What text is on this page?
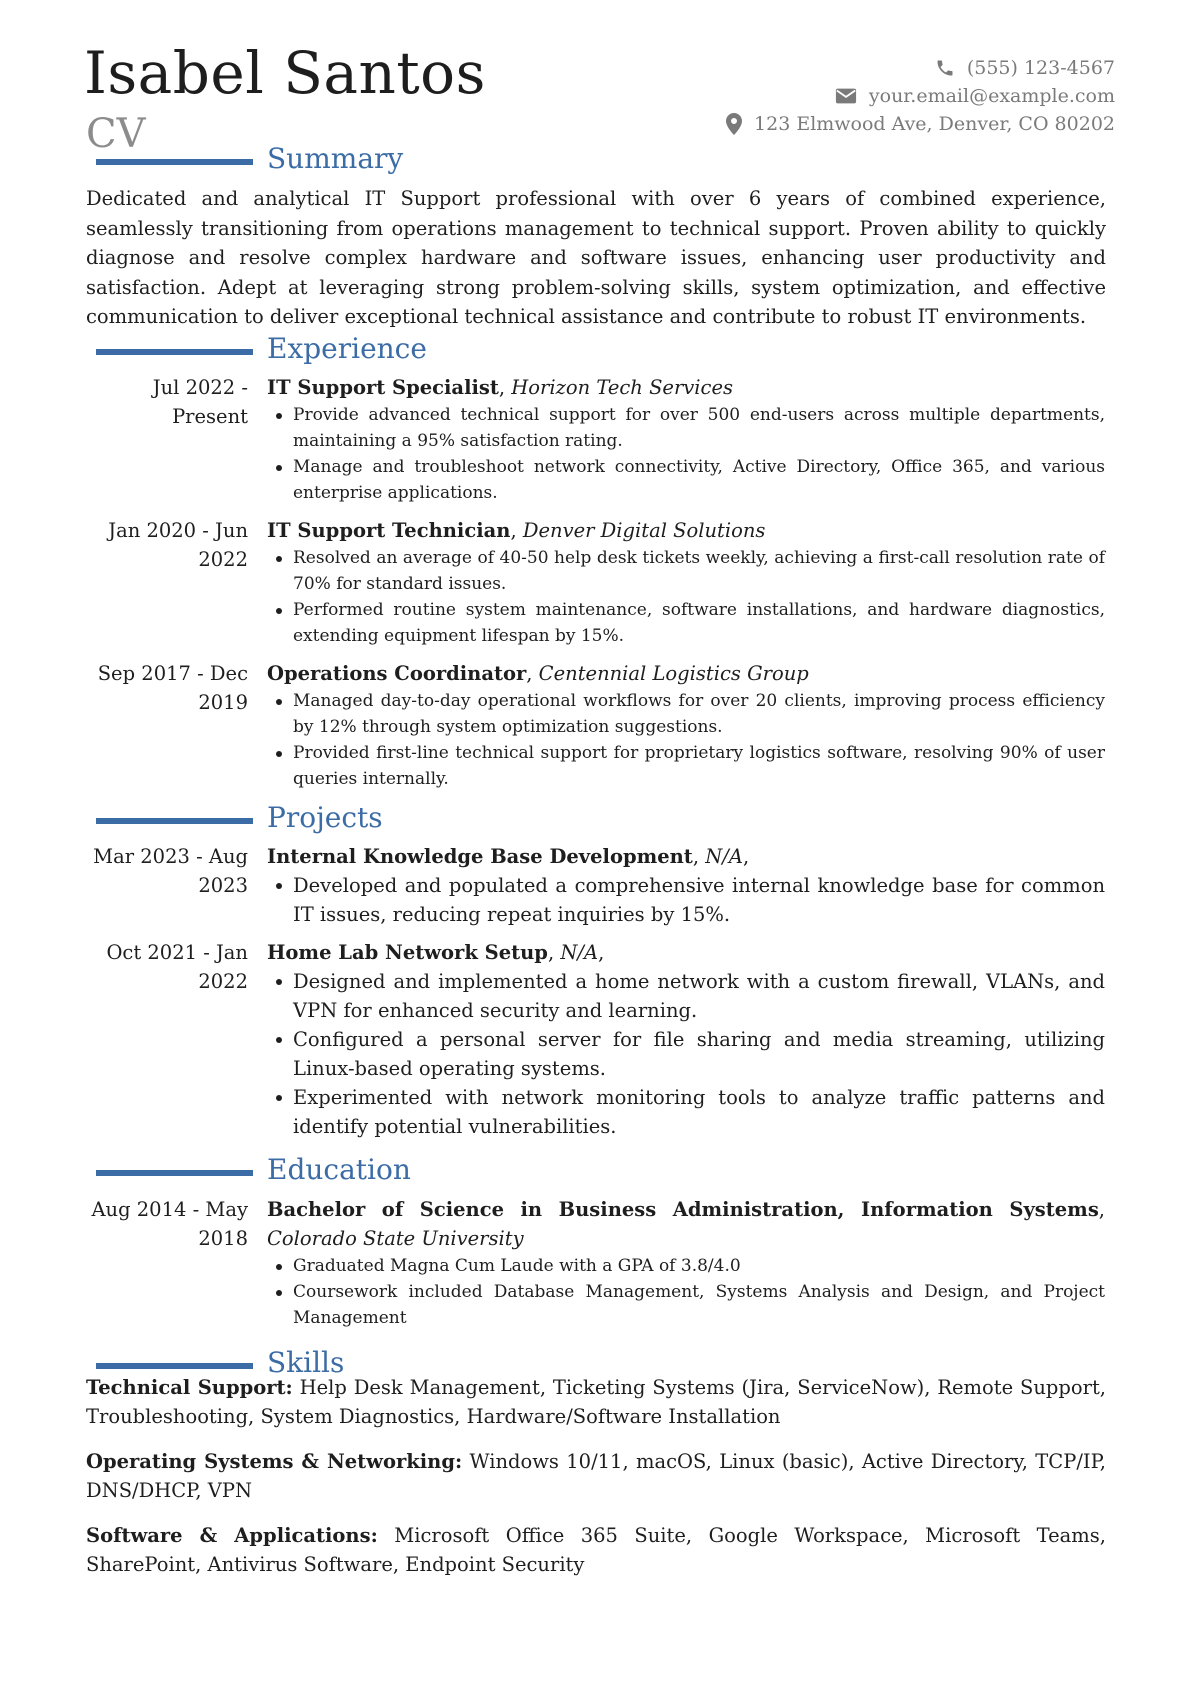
Isabel Santos
CV
(555) 123-4567
your.email@example.com
123 Elmwood Ave, Denver, CO 80202
Summary
Dedicated and analytical IT Support professional with over 6 years of combined experience, seamlessly transitioning from operations management to technical support. Proven ability to quickly diagnose and resolve complex hardware and software issues, enhancing user productivity and satisfaction. Adept at leveraging strong problem-solving skills, system optimization, and effective communication to deliver exceptional technical assistance and contribute to robust IT environments.
Experience
Jul 2022 - Present
IT Support Specialist, Horizon Tech Services
Provide advanced technical support for over 500 end-users across multiple departments, maintaining a 95% satisfaction rating.
Manage and troubleshoot network connectivity, Active Directory, Office 365, and various enterprise applications.
Jan 2020 - Jun 2022
IT Support Technician, Denver Digital Solutions
Resolved an average of 40-50 help desk tickets weekly, achieving a first-call resolution rate of 70% for standard issues.
Performed routine system maintenance, software installations, and hardware diagnostics, extending equipment lifespan by 15%.
Sep 2017 - Dec 2019
Operations Coordinator, Centennial Logistics Group
Managed day-to-day operational workflows for over 20 clients, improving process efficiency by 12% through system optimization suggestions.
Provided first-line technical support for proprietary logistics software, resolving 90% of user queries internally.
Projects
Mar 2023 - Aug 2023
Internal Knowledge Base Development, N/A,
Developed and populated a comprehensive internal knowledge base for common IT issues, reducing repeat inquiries by 15%.
Oct 2021 - Jan 2022
Home Lab Network Setup, N/A,
Designed and implemented a home network with a custom firewall, VLANs, and VPN for enhanced security and learning.
Configured a personal server for file sharing and media streaming, utilizing Linux-based operating systems.
Experimented with network monitoring tools to analyze traffic patterns and identify potential vulnerabilities.
Education
Aug 2014 - May 2018
Bachelor of Science in Business Administration, Information Systems, Colorado State University
Graduated Magna Cum Laude with a GPA of 3.8/4.0
Coursework included Database Management, Systems Analysis and Design, and Project Management
Skills
Technical Support: Help Desk Management, Ticketing Systems (Jira, ServiceNow), Remote Support, Troubleshooting, System Diagnostics, Hardware/Software Installation
Operating Systems & Networking: Windows 10/11, macOS, Linux (basic), Active Directory, TCP/IP, DNS/DHCP, VPN
Software & Applications: Microsoft Office 365 Suite, Google Workspace, Microsoft Teams, SharePoint, Antivirus Software, Endpoint Security
